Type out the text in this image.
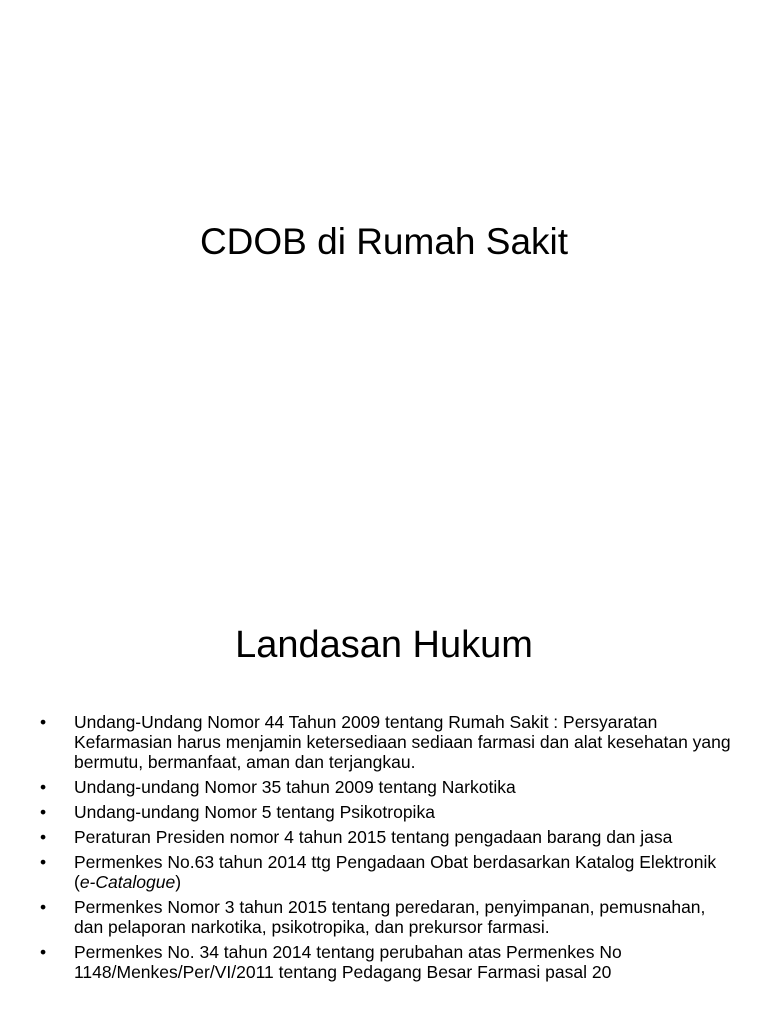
CDOB di Rumah Sakit
Landasan Hukum
• Undang-Undang Nomor 44 Tahun 2009 tentang Rumah Sakit : Persyaratan Kefarmasian harus menjamin ketersediaan sediaan farmasi dan alat kesehatan yang bermutu, bermanfaat, aman dan terjangkau.
• Undang-undang Nomor 35 tahun 2009 tentang Narkotika
• Undang-undang Nomor 5 tentang Psikotropika
• Peraturan Presiden nomor 4 tahun 2015 tentang pengadaan barang dan jasa
• Permenkes No.63 tahun 2014 ttg Pengadaan Obat berdasarkan Katalog Elektronik (e-Catalogue)
• Permenkes Nomor 3 tahun 2015 tentang peredaran, penyimpanan, pemusnahan, dan pelaporan narkotika, psikotropika, dan prekursor farmasi.
• Permenkes No. 34 tahun 2014 tentang perubahan atas Permenkes No 1148/Menkes/Per/VI/2011 tentang Pedagang Besar Farmasi pasal 20
